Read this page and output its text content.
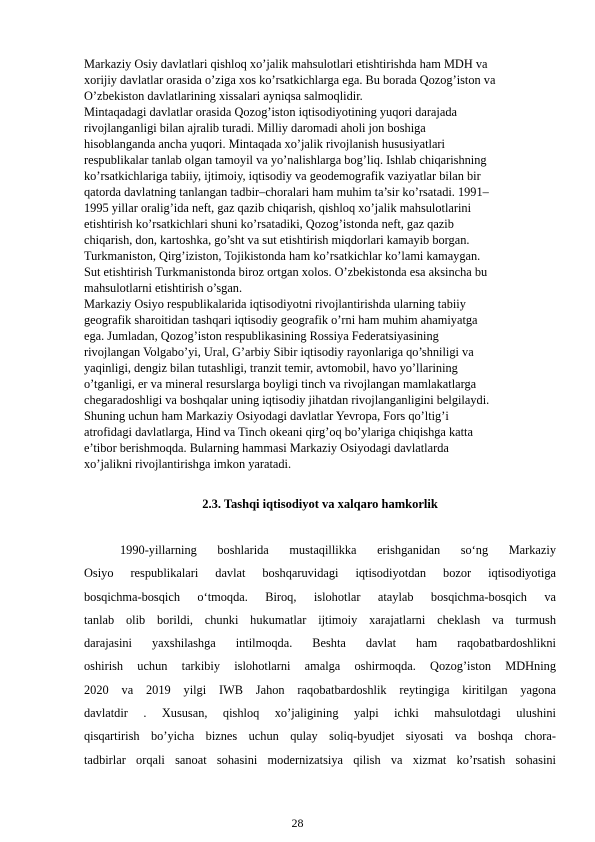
Markaziy Osiy davlatlari qishloq xo’jalik mahsulotlari etishtirishda ham MDH va
xorijiy davlatlar orasida o’ziga xos ko’rsatkichlarga ega. Bu borada Qozog’iston va
O’zbekiston davlatlarining xissalari ayniqsa salmoqlidir.
Mintaqadagi davlatlar orasida Qozog’iston iqtisodiyotining yuqori darajada
rivojlanganligi bilan ajralib turadi. Milliy daromadi aholi jon boshiga
hisoblanganda ancha yuqori. Mintaqada xo’jalik rivojlanish hususiyatlari
respublikalar tanlab olgan tamoyil va yo’nalishlarga bog’liq. Ishlab chiqarishning
ko’rsatkichlariga tabiiy, ijtimoiy, iqtisodiy va geodemografik vaziyatlar bilan bir
qatorda davlatning tanlangan tadbir–choralari ham muhim ta’sir ko’rsatadi. 1991–
1995 yillar oralig’ida neft, gaz qazib chiqarish, qishloq xo’jalik mahsulotlarini
etishtirish ko’rsatkichlari shuni ko’rsatadiki, Qozog’istonda neft, gaz qazib
chiqarish, don, kartoshka, go’sht va sut etishtirish miqdorlari kamayib borgan.
Turkmaniston, Qirg’iziston, Tojikistonda ham ko’rsatkichlar ko’lami kamaygan.
Sut etishtirish Turkmanistonda biroz ortgan xolos. O’zbekistonda esa aksincha bu
mahsulotlarni etishtirish o’sgan.
Markaziy Osiyo respublikalarida iqtisodiyotni rivojlantirishda ularning tabiiy
geografik sharoitidan tashqari iqtisodiy geografik o’rni ham muhim ahamiyatga
ega. Jumladan, Qozog’iston respublikasining Rossiya Federatsiyasining
rivojlangan Volgabo’yi, Ural, G’arbiy Sibir iqtisodiy rayonlariga qo’shniligi va
yaqinligi, dengiz bilan tutashligi, tranzit temir, avtomobil, havo yo’llarining
o’tganligi, er va mineral resurslarga boyligi tinch va rivojlangan mamlakatlarga
chegaradoshligi va boshqalar uning iqtisodiy jihatdan rivojlanganligini belgilaydi.
Shuning uchun ham Markaziy Osiyodagi davlatlar Yevropa, Fors qo’ltig’i
atrofidagi davlatlarga, Hind va Tinch okeani qirg’oq bo’ylariga chiqishga katta
e’tibor berishmoqda. Bularning hammasi Markaziy Osiyodagi davlatlarda
xo’jalikni rivojlantirishga imkon yaratadi.
2.3. Tashqi iqtisodiyot va xalqaro hamkorlik
1990-yillarning boshlarida mustaqillikka erishganidan so‘ng Markaziy
Osiyo respublikalari davlat boshqaruvidagi iqtisodiyotdan bozor iqtisodiyotiga
bosqichma-bosqich o‘tmoqda. Biroq, islohotlar ataylab bosqichma-bosqich va
tanlab olib borildi, chunki hukumatlar ijtimoiy xarajatlarni cheklash va turmush
darajasini yaxshilashga intilmoqda. Beshta davlat ham raqobatbardoshlikni
oshirish uchun tarkibiy islohotlarni amalga oshirmoqda. Qozog’iston MDHning
2020 va 2019 yilgi IWB Jahon raqobatbardoshlik reytingiga kiritilgan yagona
davlatdir . Xususan, qishloq xo’jaligining yalpi ichki mahsulotdagi ulushini
qisqartirish bo’yicha biznes uchun qulay soliq-byudjet siyosati va boshqa chora-
tadbirlar orqali sanoat sohasini modernizatsiya qilish va xizmat ko’rsatish sohasini
28
